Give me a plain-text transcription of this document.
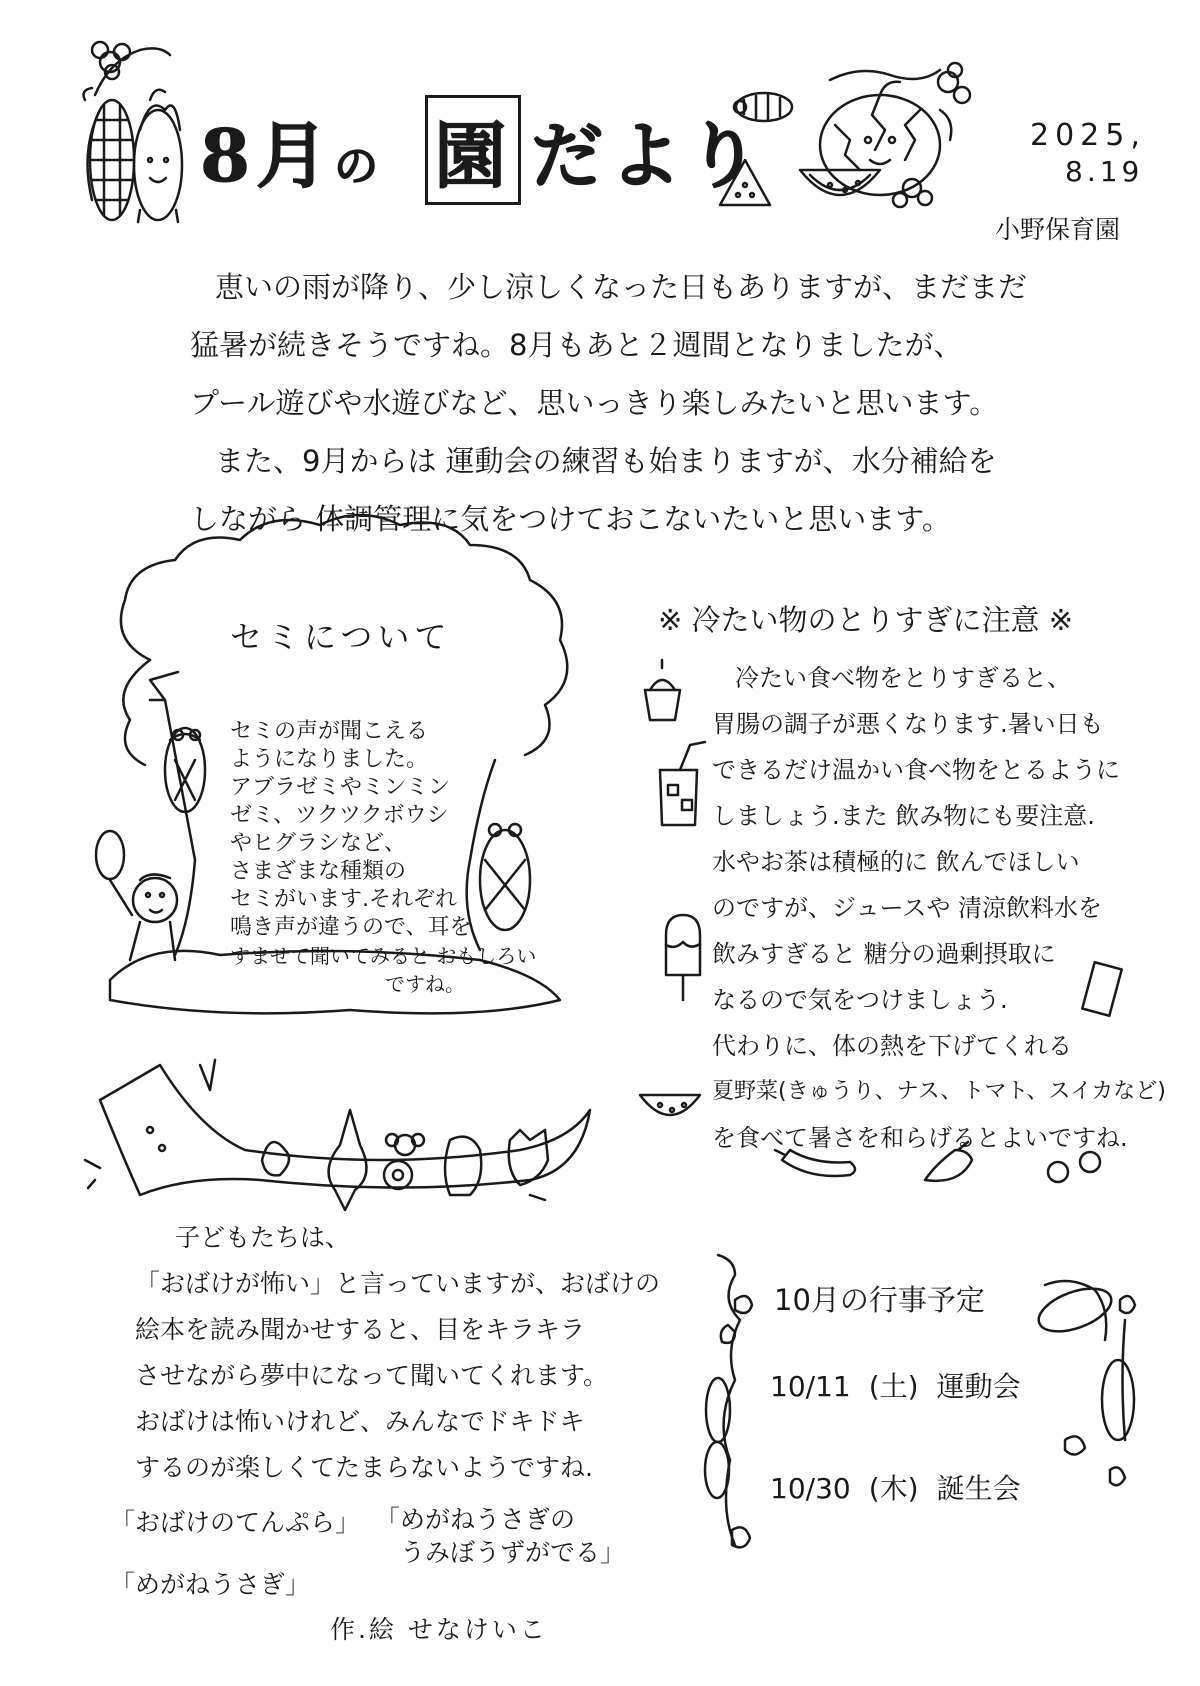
8月の 園 だより	2025,
8.19
小野保育園

恵いの雨が降り、少し涼しくなった日もありますが、まだまだ

猛暑が続きそうですね。8月もあと２週間となりましたが、

プール遊びや水遊びなど、思いっきり楽しみたいと思います。

また、9月からは 運動会の練習も始まりますが、水分補給を

しながら 体調管理に気をつけておこないたいと思います。

セミについて
セミの声が聞こえる
ようになりました。
アブラゼミやミンミン
ゼミ、ツクツクボウシ
やヒグラシなど、
さまざまな種類の
セミがいます.それぞれ
鳴き声が違うので、耳を
すませて聞いてみると おもしろい
ですね。
※ 冷たい物のとりすぎに注意 ※

冷たい食べ物をとりすぎると、

胃腸の調子が悪くなります.暑い日も

できるだけ温かい食べ物をとるように

しましょう.また 飲み物にも要注意.

水やお茶は積極的に 飲んでほしい

のですが、ジュースや 清涼飲料水を

飲みすぎると 糖分の過剰摂取に

なるので気をつけましょう.

代わりに、体の熱を下げてくれる

夏野菜(きゅうり、ナス、トマト、スイカなど)

を食べて暑さを和らげるとよいですね.

子どもたちは、

「おばけが怖い」と言っていますが、おばけの

絵本を読み聞かせすると、目をキラキラ

させながら夢中になって聞いてくれます。

おばけは怖いけれど、みんなでドキドキ

するのが楽しくてたまらないようですね.

「おばけのてんぷら」 「めがねうさぎの
うみぼうずがでる」
「めがねうさぎ」
作.絵 せなけいこ
10月の行事予定
10/11 (土) 運動会
10/30 (木) 誕生会
